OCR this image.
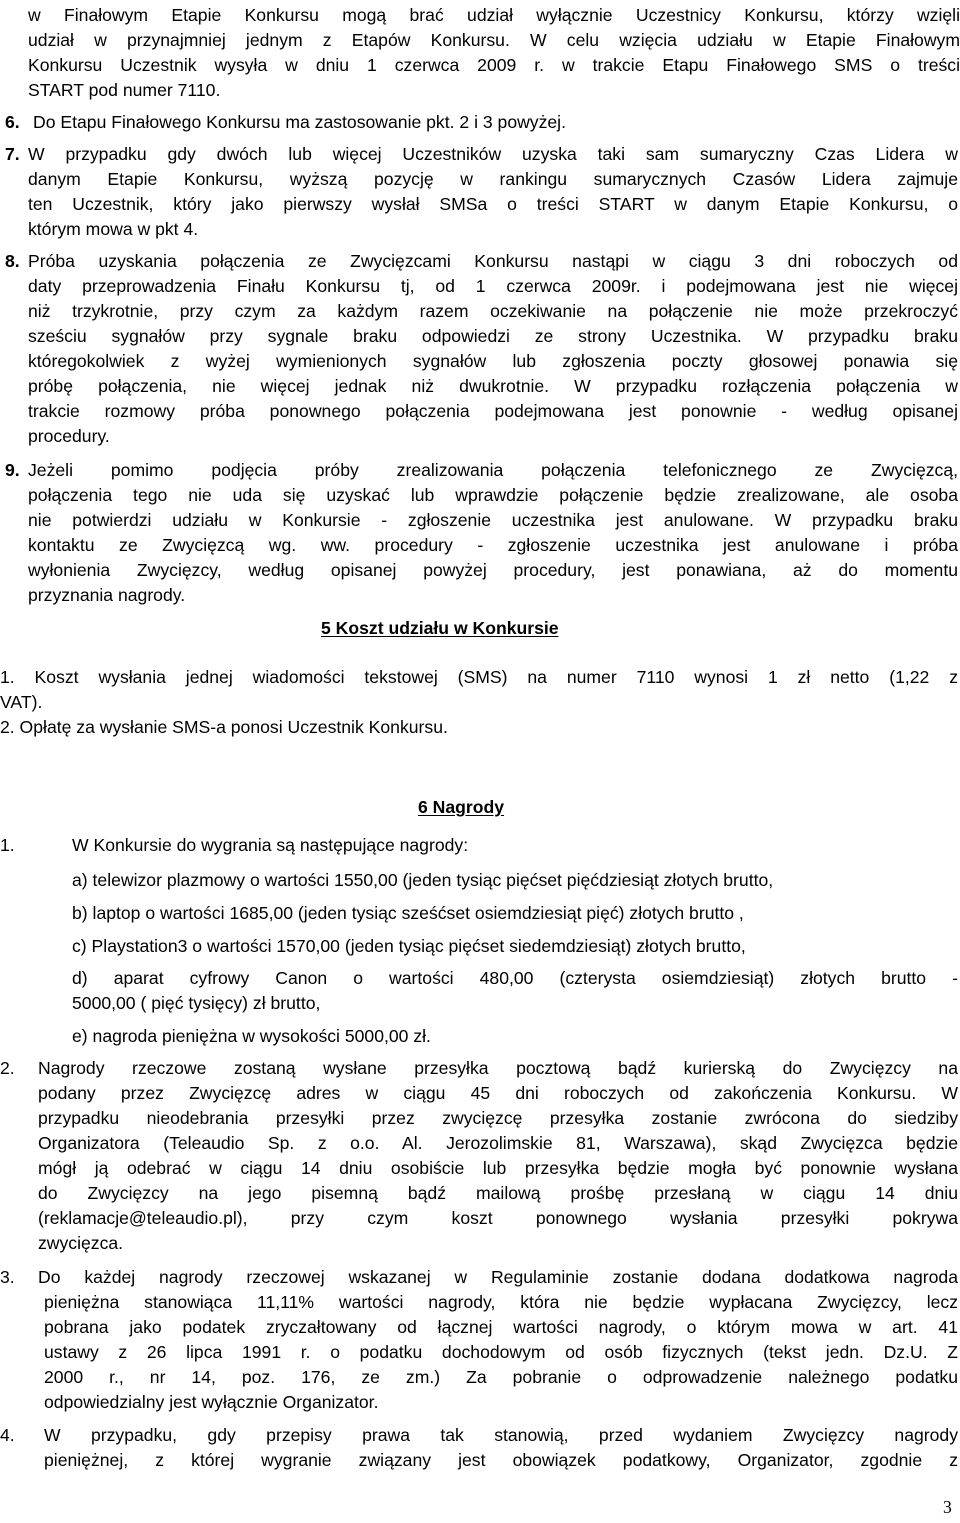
w Finałowym Etapie Konkursu mogą brać udział wyłącznie Uczestnicy Konkursu, którzy wzięli
udział w przynajmniej jednym z Etapów Konkursu. W celu wzięcia udziału w Etapie Finałowym
Konkursu Uczestnik wysyła w dniu 1 czerwca 2009 r. w trakcie Etapu Finałowego SMS o treści
START pod numer 7110.
6. Do Etapu Finałowego Konkursu ma zastosowanie pkt. 2 i 3 powyżej.
7. W przypadku gdy dwóch lub więcej Uczestników uzyska taki sam sumaryczny Czas Lidera w
danym Etapie Konkursu, wyższą pozycję w rankingu sumarycznych Czasów Lidera zajmuje
ten Uczestnik, który jako pierwszy wysłał SMSa o treści START w danym Etapie Konkursu, o
którym mowa w pkt 4.
8. Próba uzyskania połączenia ze Zwycięzcami Konkursu nastąpi w ciągu 3 dni roboczych od
daty przeprowadzenia Finału Konkursu tj, od 1 czerwca 2009r. i podejmowana jest nie więcej
niż trzykrotnie, przy czym za każdym razem oczekiwanie na połączenie nie może przekroczyć
sześciu sygnałów przy sygnale braku odpowiedzi ze strony Uczestnika. W przypadku braku
któregokolwiek z wyżej wymienionych sygnałów lub zgłoszenia poczty głosowej ponawia się
próbę połączenia, nie więcej jednak niż dwukrotnie. W przypadku rozłączenia połączenia w
trakcie rozmowy próba ponownego połączenia podejmowana jest ponownie - według opisanej
procedury.
9. Jeżeli pomimo podjęcia próby zrealizowania połączenia telefonicznego ze Zwycięzcą,
połączenia tego nie uda się uzyskać lub wprawdzie połączenie będzie zrealizowane, ale osoba
nie potwierdzi udziału w Konkursie - zgłoszenie uczestnika jest anulowane. W przypadku braku
kontaktu ze Zwycięzcą wg. ww. procedury - zgłoszenie uczestnika jest anulowane i próba
wyłonienia Zwycięzcy, według opisanej powyżej procedury, jest ponawiana, aż do momentu
przyznania nagrody.
5 Koszt udziału w Konkursie
1. Koszt wysłania jednej wiadomości tekstowej (SMS) na numer 7110 wynosi 1 zł netto (1,22 z
VAT).
2. Opłatę za wysłanie SMS-a ponosi Uczestnik Konkursu.
6 Nagrody
1.	W Konkursie do wygrania są następujące nagrody:
a) telewizor plazmowy o wartości 1550,00 (jeden tysiąc pięćset pięćdziesiąt złotych brutto,
b) laptop o wartości 1685,00 (jeden tysiąc sześćset osiemdziesiąt pięć) złotych brutto ,
c) Playstation3 o wartości 1570,00 (jeden tysiąc pięćset siedemdziesiąt) złotych brutto,
d) aparat cyfrowy Canon o wartości 480,00 (czterysta osiemdziesiąt) złotych brutto -
5000,00 ( pięć tysięcy) zł brutto,
e) nagroda pieniężna w wysokości 5000,00 zł.
2. Nagrody rzeczowe zostaną wysłane przesyłka pocztową bądź kurierską do Zwycięzcy na
podany przez Zwycięzcę adres w ciągu 45 dni roboczych od zakończenia Konkursu. W
przypadku nieodebrania przesyłki przez zwycięzcę przesyłka zostanie zwrócona do siedziby
Organizatora (Teleaudio Sp. z o.o. Al. Jerozolimskie 81, Warszawa), skąd Zwycięzca będzie
mógł ją odebrać w ciągu 14 dniu osobiście lub przesyłka będzie mogła być ponownie wysłana
do Zwycięzcy na jego pisemną bądź mailową prośbę przesłaną w ciągu 14 dniu
(reklamacje@teleaudio.pl), przy czym koszt ponownego wysłania przesyłki pokrywa
zwycięzca.
3. Do każdej nagrody rzeczowej wskazanej w Regulaminie zostanie dodana dodatkowa nagroda
pieniężna stanowiąca 11,11% wartości nagrody, która nie będzie wypłacana Zwycięzcy, lecz
pobrana jako podatek zryczałtowany od łącznej wartości nagrody, o którym mowa w art. 41
ustawy z 26 lipca 1991 r. o podatku dochodowym od osób fizycznych (tekst jedn. Dz.U. Z
2000 r., nr 14, poz. 176, ze zm.) Za pobranie o odprowadzenie należnego podatku
odpowiedzialny jest wyłącznie Organizator.
4. W przypadku, gdy przepisy prawa tak stanowią, przed wydaniem Zwycięzcy nagrody
pieniężnej, z której wygranie związany jest obowiązek podatkowy, Organizator, zgodnie z
3
